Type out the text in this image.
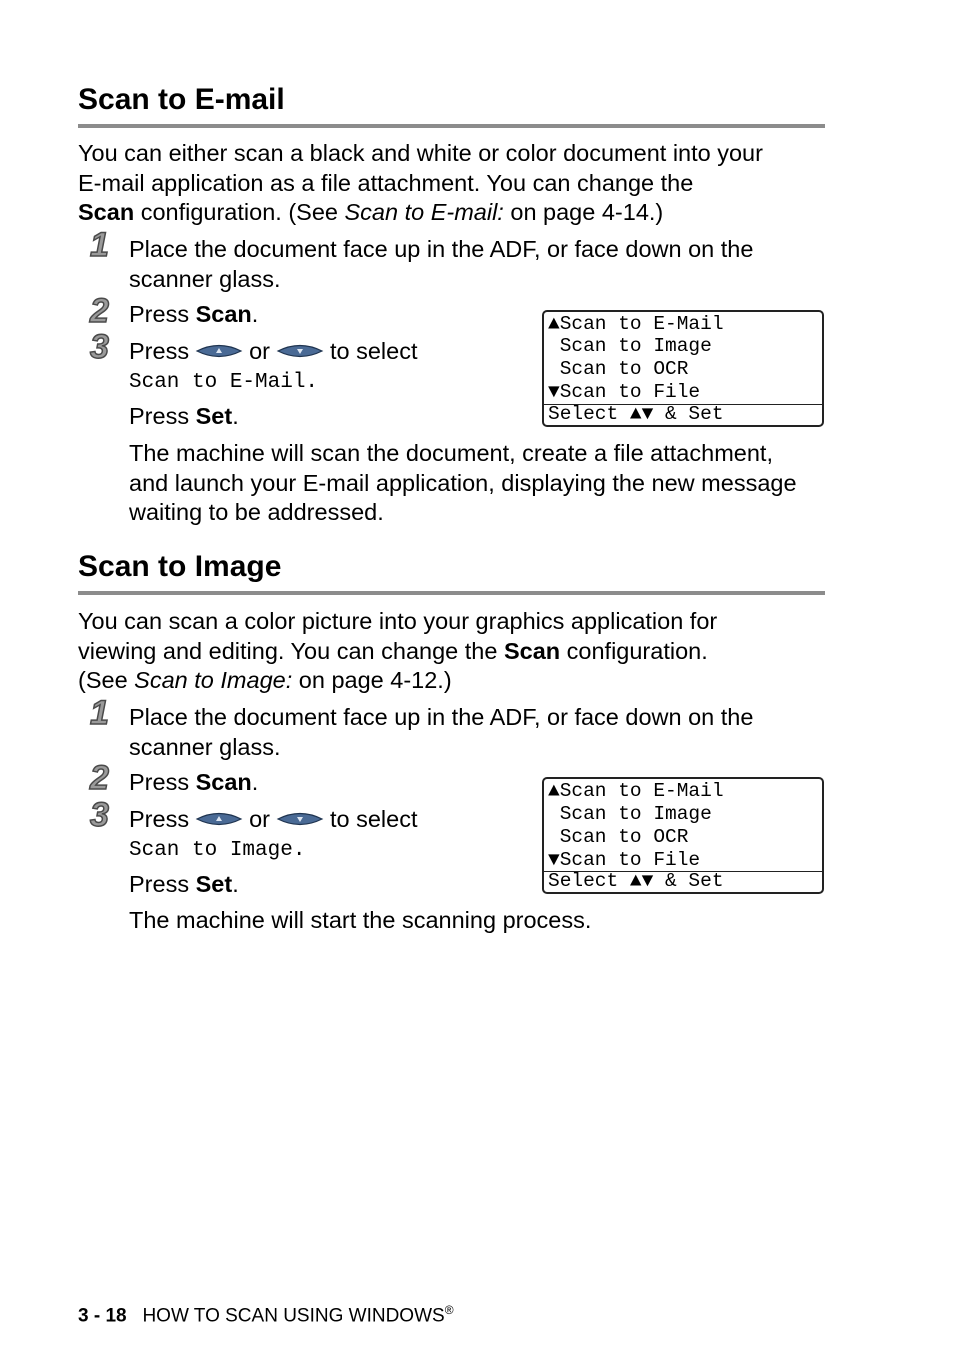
Scan to E-mail
You can either scan a black and white or color document into your
E-mail application as a file attachment. You can change the
Scan configuration. (See Scan to E-mail: on page 4-14.)
1 Place the document face up in the ADF, or face down on the
scanner glass.
2 Press Scan.
3 Press	or	to select
Scan to E-Mail.
Press Set.
The machine will scan the document, create a file attachment,
and launch your E-mail application, displaying the new message
waiting to be addressed.
▲Scan to E-Mail
Scan to Image
Scan to OCR
▼Scan to File
Select ▲▼ & Set
Scan to Image
You can scan a color picture into your graphics application for
viewing and editing. You can change the Scan configuration.
(See Scan to Image: on page 4-12.)
1 Place the document face up in the ADF, or face down on the
scanner glass.
2 Press Scan.
3 Press	or	to select
Scan to Image.
Press Set.
The machine will start the scanning process.
▲Scan to E-Mail
Scan to Image
Scan to OCR
▼Scan to File
Select ▲▼ & Set
3 - 18 HOW TO SCAN USING WINDOWS®
